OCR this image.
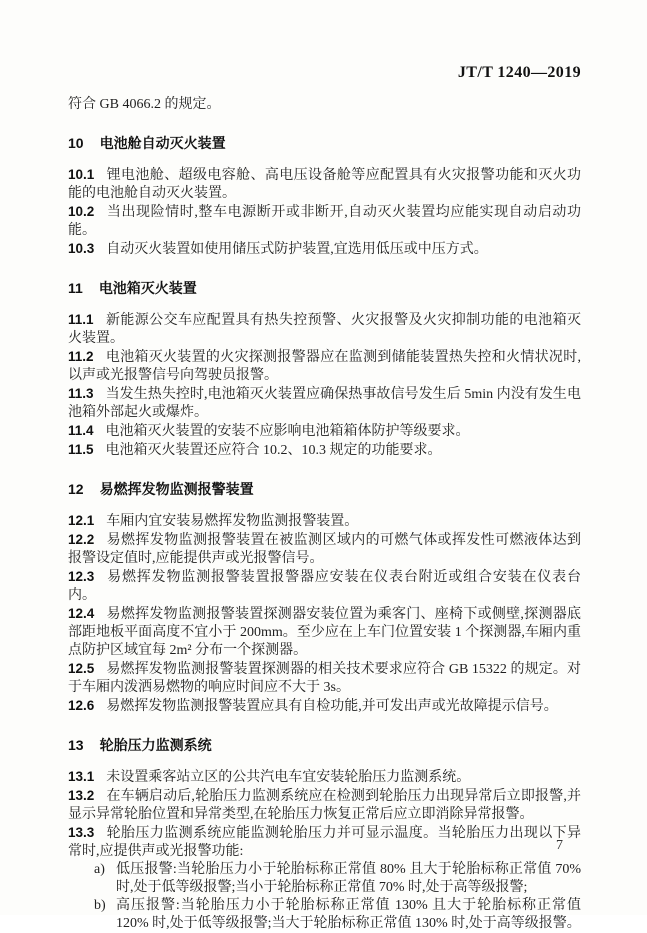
JT/T 1240—2019

符合 GB 4066.2 的规定。

10 电池舱自动灭火装置

10.1 锂电池舱、超级电容舱、高电压设备舱等应配置具有火灾报警功能和灭火功能的电池舱自动灭火装置。

10.2 当出现险情时,整车电源断开或非断开,自动灭火装置均应能实现自动启动功能。

10.3 自动灭火装置如使用储压式防护装置,宜选用低压或中压方式。

11 电池箱灭火装置

11.1 新能源公交车应配置具有热失控预警、火灾报警及火灾抑制功能的电池箱灭火装置。

11.2 电池箱灭火装置的火灾探测报警器应在监测到储能装置热失控和火情状况时,以声或光报警信号向驾驶员报警。

11.3 当发生热失控时,电池箱灭火装置应确保热事故信号发生后 5min 内没有发生电池箱外部起火或爆炸。

11.4 电池箱灭火装置的安装不应影响电池箱箱体防护等级要求。

11.5 电池箱灭火装置还应符合 10.2、10.3 规定的功能要求。

12 易燃挥发物监测报警装置

12.1 车厢内宜安装易燃挥发物监测报警装置。

12.2 易燃挥发物监测报警装置在被监测区域内的可燃气体或挥发性可燃液体达到报警设定值时,应能提供声或光报警信号。

12.3 易燃挥发物监测报警装置报警器应安装在仪表台附近或组合安装在仪表台内。

12.4 易燃挥发物监测报警装置探测器安装位置为乘客门、座椅下或侧壁,探测器底部距地板平面高度不宜小于 200mm。至少应在上车门位置安装 1 个探测器,车厢内重点防护区域宜每 2m² 分布一个探测器。

12.5 易燃挥发物监测报警装置探测器的相关技术要求应符合 GB 15322 的规定。对于车厢内泼洒易燃物的响应时间应不大于 3s。

12.6 易燃挥发物监测报警装置应具有自检功能,并可发出声或光故障提示信号。

13 轮胎压力监测系统

13.1 未设置乘客站立区的公共汽电车宜安装轮胎压力监测系统。

13.2 在车辆启动后,轮胎压力监测系统应在检测到轮胎压力出现异常后立即报警,并显示异常轮胎位置和异常类型,在轮胎压力恢复正常后应立即消除异常报警。

13.3 轮胎压力监测系统应能监测轮胎压力并可显示温度。当轮胎压力出现以下异常时,应提供声或光报警功能:

a) 低压报警:当轮胎压力小于轮胎标称正常值 80% 且大于轮胎标称正常值 70% 时,处于低等级报警;当小于轮胎标称正常值 70% 时,处于高等级报警;
b) 高压报警:当轮胎压力小于轮胎标称正常值 130% 且大于轮胎标称正常值 120% 时,处于低等级报警;当大于轮胎标称正常值 130% 时,处于高等级报警。
7
